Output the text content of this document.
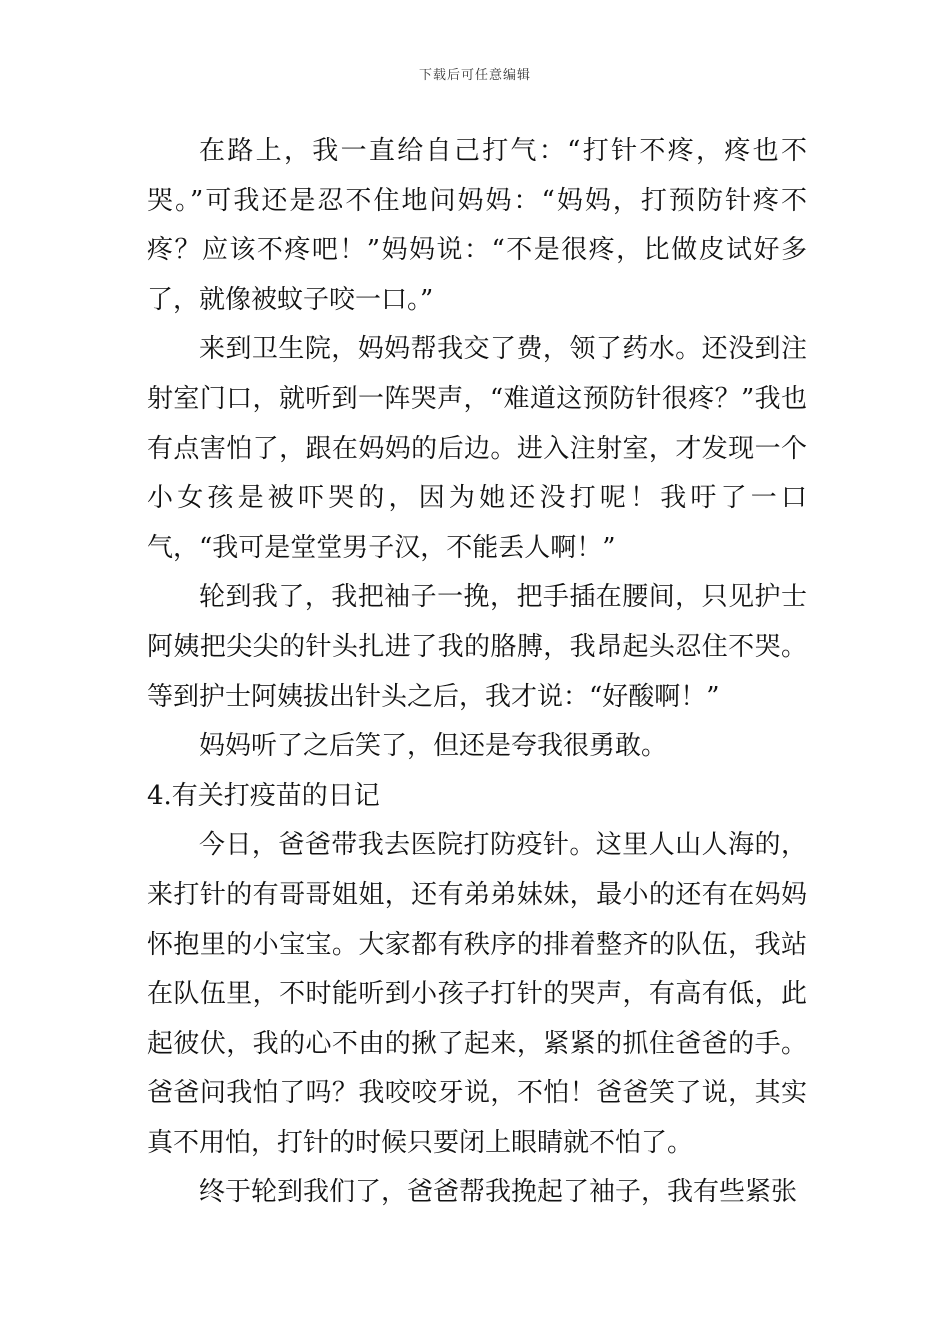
下载后可任意编辑

在路上，我一直给自己打气：“打针不疼，疼也不哭。”可我还是忍不住地问妈妈：“妈妈，打预防针疼不疼？应该不疼吧！”妈妈说：“不是很疼，比做皮试好多了，就像被蚊子咬一口。”

来到卫生院，妈妈帮我交了费，领了药水。还没到注射室门口，就听到一阵哭声，“难道这预防针很疼？”我也有点害怕了，跟在妈妈的后边。进入注射室，才发现一个小女孩是被吓哭的，因为她还没打呢！我吁了一口气，“我可是堂堂男子汉，不能丢人啊！”

轮到我了，我把袖子一挽，把手插在腰间，只见护士阿姨把尖尖的针头扎进了我的胳膊，我昂起头忍住不哭。等到护士阿姨拔出针头之后，我才说：“好酸啊！”

妈妈听了之后笑了，但还是夸我很勇敢。

4.有关打疫苗的日记

今日，爸爸带我去医院打防疫针。这里人山人海的，来打针的有哥哥姐姐，还有弟弟妹妹，最小的还有在妈妈怀抱里的小宝宝。大家都有秩序的排着整齐的队伍，我站在队伍里，不时能听到小孩子打针的哭声，有高有低，此起彼伏，我的心不由的揪了起来，紧紧的抓住爸爸的手。爸爸问我怕了吗？我咬咬牙说，不怕！爸爸笑了说，其实真不用怕，打针的时候只要闭上眼睛就不怕了。

终于轮到我们了，爸爸帮我挽起了袖子，我有些紧张
